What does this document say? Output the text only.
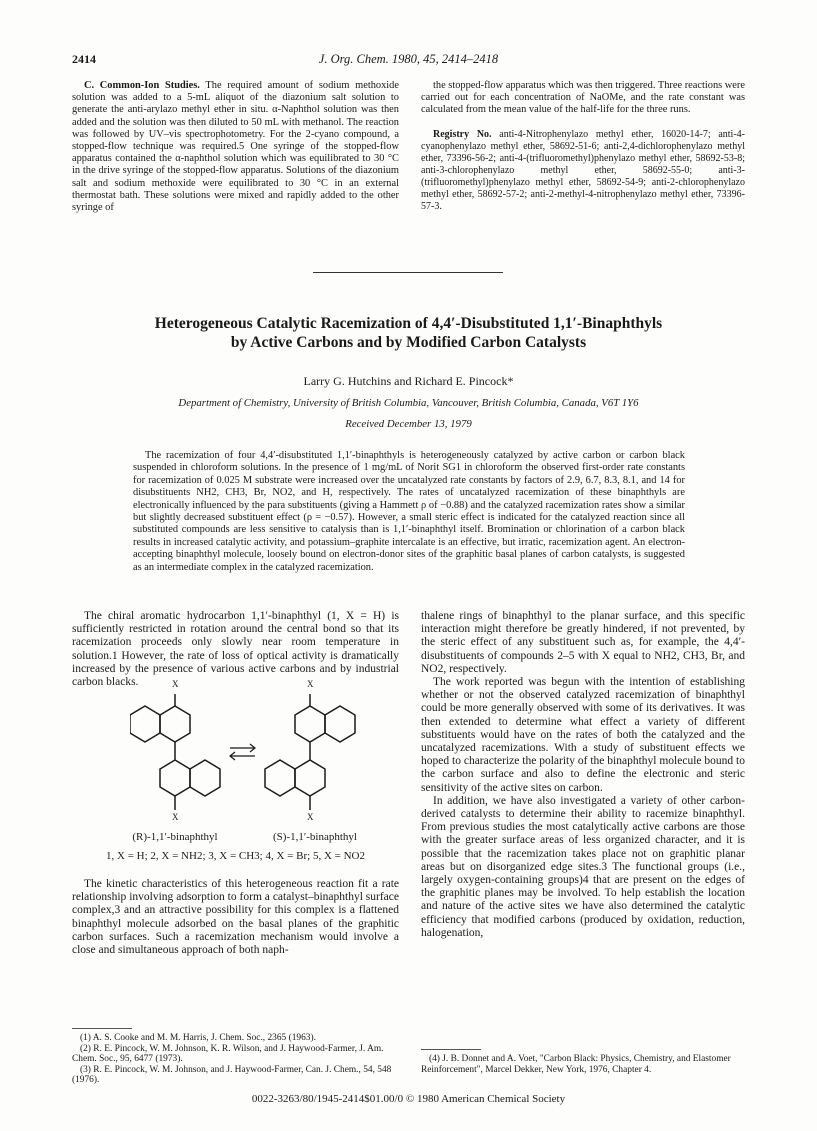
2414	J. Org. Chem. 1980, 45, 2414–2418

C. Common-Ion Studies. The required amount of sodium methoxide solution was added to a 5-mL aliquot of the diazonium salt solution to generate the anti-arylazo methyl ether in situ. α-Naphthol solution was then added and the solution was then diluted to 50 mL with methanol. The reaction was followed by UV–vis spectrophotometry. For the 2-cyano compound, a stopped-flow technique was required.5 One syringe of the stopped-flow apparatus contained the α-naphthol solution which was equilibrated to 30 °C in the drive syringe of the stopped-flow apparatus. Solutions of the diazonium salt and sodium methoxide were equilibrated to 30 °C in an external thermostat bath. These solutions were mixed and rapidly added to the other syringe of

the stopped-flow apparatus which was then triggered. Three reactions were carried out for each concentration of NaOMe, and the rate constant was calculated from the mean value of the half-life for the three runs.

Registry No. anti-4-Nitrophenylazo methyl ether, 16020-14-7; anti-4-cyanophenylazo methyl ether, 58692-51-6; anti-2,4-dichlorophenylazo methyl ether, 73396-56-2; anti-4-(trifluoromethyl)phenylazo methyl ether, 58692-53-8; anti-3-chlorophenylazo methyl ether, 58692-55-0; anti-3-(trifluoromethyl)phenylazo methyl ether, 58692-54-9; anti-2-chlorophenylazo methyl ether, 58692-57-2; anti-2-methyl-4-nitrophenylazo methyl ether, 73396-57-3.

Heterogeneous Catalytic Racemization of 4,4′-Disubstituted 1,1′-Binaphthyls
by Active Carbons and by Modified Carbon Catalysts
Larry G. Hutchins and Richard E. Pincock*
Department of Chemistry, University of British Columbia, Vancouver, British Columbia, Canada, V6T 1Y6
Received December 13, 1979
The racemization of four 4,4′-disubstituted 1,1′-binaphthyls is heterogeneously catalyzed by active carbon or carbon black suspended in chloroform solutions. In the presence of 1 mg/mL of Norit SG1 in chloroform the observed first-order rate constants for racemization of 0.025 M substrate were increased over the uncatalyzed rate constants by factors of 2.9, 6.7, 8.3, 8.1, and 14 for disubstituents NH2, CH3, Br, NO2, and H, respectively. The rates of uncatalyzed racemization of these binaphthyls are electronically influenced by the para substituents (giving a Hammett ρ of −0.88) and the catalyzed racemization rates show a similar but slightly decreased substituent effect (ρ = −0.57). However, a small steric effect is indicated for the catalyzed reaction since all substituted compounds are less sensitive to catalysis than is 1,1′-binaphthyl itself. Bromination or chlorination of a carbon black results in increased catalytic activity, and potassium–graphite intercalate is an effective, but irratic, racemization agent. An electron-accepting binaphthyl molecule, loosely bound on electron-donor sites of the graphitic basal planes of carbon catalysts, is suggested as an intermediate complex in the catalyzed racemization.

The chiral aromatic hydrocarbon 1,1′-binaphthyl (1, X = H) is sufficiently restricted in rotation around the central bond so that its racemization proceeds only slowly near room temperature in solution.1 However, the rate of loss of optical activity is dramatically increased by the presence of various active carbons and by industrial carbon blacks.	X	X
X	X
(R)-1,1′-binaphthyl	(S)-1,1′-binaphthyl
1, X = H; 2, X = NH2; 3, X = CH3; 4, X = Br; 5, X = NO2

The kinetic characteristics of this heterogeneous reaction fit a rate relationship involving adsorption to form a catalyst–binaphthyl surface complex,3 and an attractive possibility for this complex is a flattened binaphthyl molecule adsorbed on the basal planes of the graphitic carbon surfaces. Such a racemization mechanism would involve a close and simultaneous approach of both naph-

thalene rings of binaphthyl to the planar surface, and this specific interaction might therefore be greatly hindered, if not prevented, by the steric effect of any substituent such as, for example, the 4,4′-disubstituents of compounds 2–5 with X equal to NH2, CH3, Br, and NO2, respectively.

The work reported was begun with the intention of establishing whether or not the observed catalyzed racemization of binaphthyl could be more generally observed with some of its derivatives. It was then extended to determine what effect a variety of different substituents would have on the rates of both the catalyzed and the uncatalyzed racemizations. With a study of substituent effects we hoped to characterize the polarity of the binaphthyl molecule bound to the carbon surface and also to define the electronic and steric sensitivity of the active sites on carbon.

In addition, we have also investigated a variety of other carbon-derived catalysts to determine their ability to racemize binaphthyl. From previous studies the most catalytically active carbons are those with the greater surface areas of less organized character, and it is possible that the racemization takes place not on graphitic planar areas but on disorganized edge sites.3 The functional groups (i.e., largely oxygen-containing groups)4 that are present on the edges of the graphitic planes may be involved. To help establish the location and nature of the active sites we have also determined the catalytic efficiency that modified carbons (produced by oxidation, reduction, halogenation,

(1) A. S. Cooke and M. M. Harris, J. Chem. Soc., 2365 (1963).

(2) R. E. Pincock, W. M. Johnson, K. R. Wilson, and J. Haywood-Farmer, J. Am. Chem. Soc., 95, 6477 (1973).

(3) R. E. Pincock, W. M. Johnson, and J. Haywood-Farmer, Can. J. Chem., 54, 548 (1976).

(4) J. B. Donnet and A. Voet, "Carbon Black: Physics, Chemistry, and Elastomer Reinforcement", Marcel Dekker, New York, 1976, Chapter 4.

0022-3263/80/1945-2414$01.00/0 © 1980 American Chemical Society
